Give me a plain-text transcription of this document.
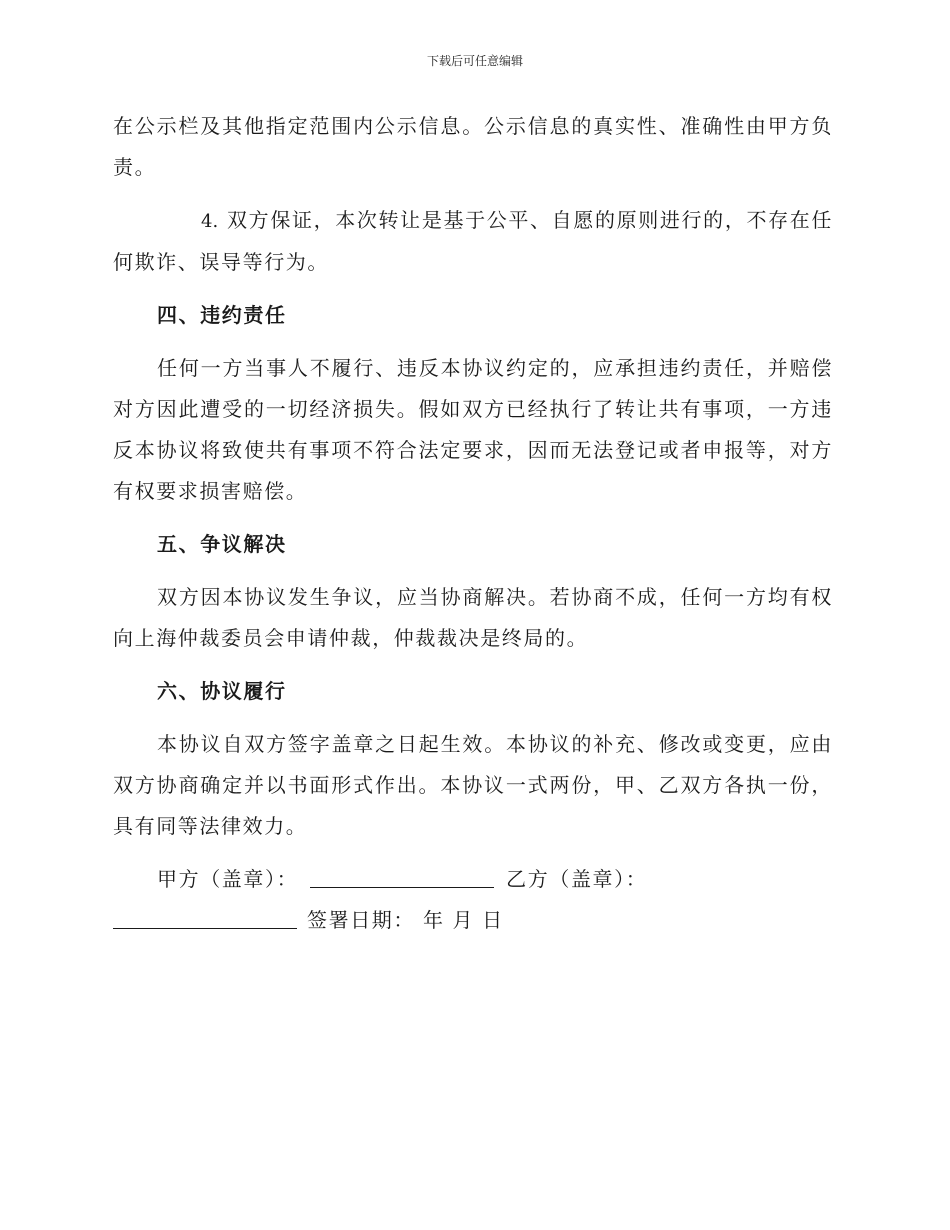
下载后可任意编辑

在公示栏及其他指定范围内公示信息。公示信息的真实性、准确性由甲方负责。

4. 双方保证，本次转让是基于公平、自愿的原则进行的，不存在任何欺诈、误导等行为。

四、违约责任

任何一方当事人不履行、违反本协议约定的，应承担违约责任，并赔偿对方因此遭受的一切经济损失。假如双方已经执行了转让共有事项，一方违反本协议将致使共有事项不符合法定要求，因而无法登记或者申报等，对方有权要求损害赔偿。

五、争议解决

双方因本协议发生争议，应当协商解决。若协商不成，任何一方均有权向上海仲裁委员会申请仲裁，仲裁裁决是终局的。

六、协议履行

本协议自双方签字盖章之日起生效。本协议的补充、修改或变更，应由双方协商确定并以书面形式作出。本协议一式两份，甲、乙双方各执一份，具有同等法律效力。

甲方（盖章）：	乙方（盖章）：
签署日期： 年 月 日
